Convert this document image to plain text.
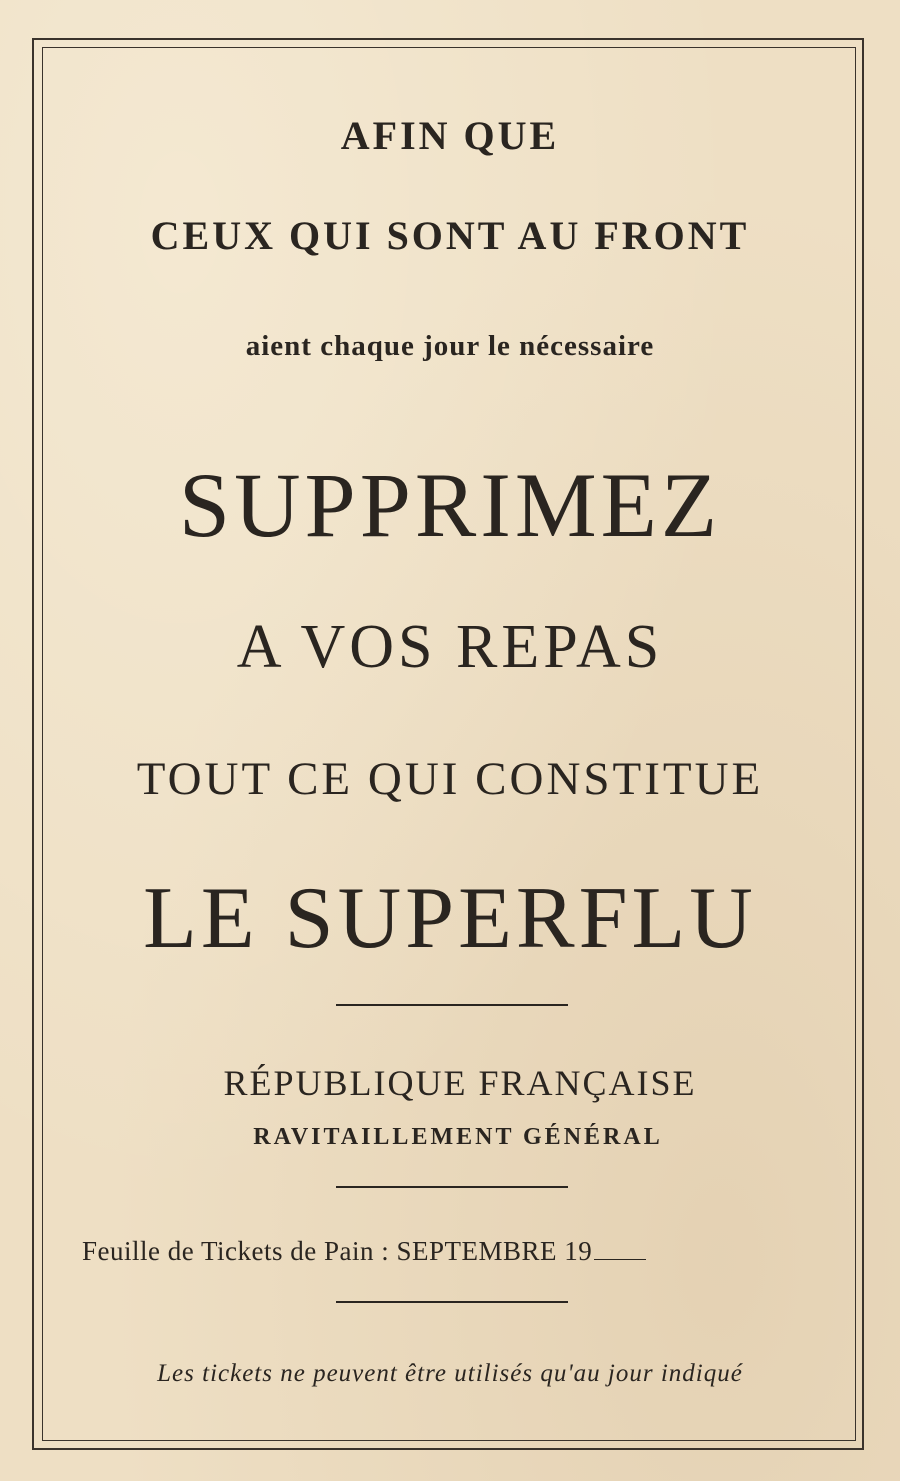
AFIN QUE
CEUX QUI SONT AU FRONT
aient chaque jour le nécessaire
SUPPRIMEZ
A VOS REPAS
TOUT CE QUI CONSTITUE
LE SUPERFLU
RÉPUBLIQUE FRANÇAISE
RAVITAILLEMENT GÉNÉRAL
Feuille de Tickets de Pain : SEPTEMBRE 19
Les tickets ne peuvent être utilisés qu'au jour indiqué
